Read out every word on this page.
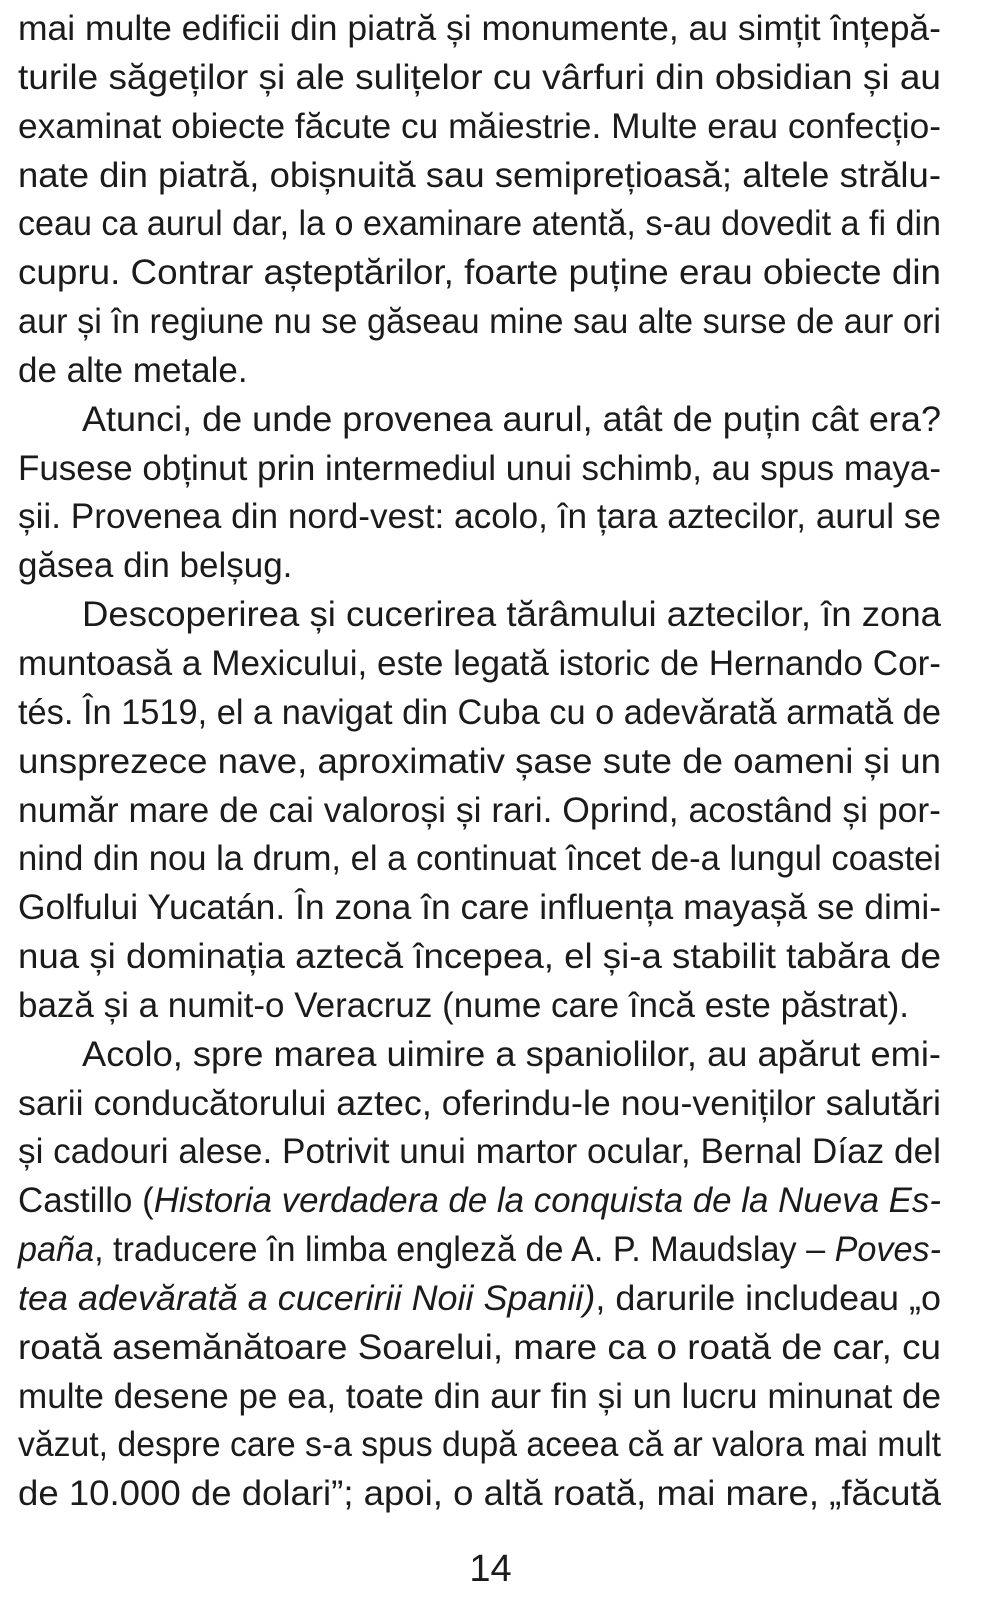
mai multe edificii din piatră și monumente, au simțit înțepă-
turile săgeților și ale sulițelor cu vârfuri din obsidian și au
examinat obiecte făcute cu măiestrie. Multe erau confecțio-
nate din piatră, obișnuită sau semiprețioasă; altele strălu-
ceau ca aurul dar, la o examinare atentă, s-au dovedit a fi din
cupru. Contrar așteptărilor, foarte puține erau obiecte din
aur și în regiune nu se găseau mine sau alte surse de aur ori
de alte metale.
Atunci, de unde provenea aurul, atât de puțin cât era?
Fusese obținut prin intermediul unui schimb, au spus maya-
șii. Provenea din nord-vest: acolo, în țara aztecilor, aurul se
găsea din belșug.
Descoperirea și cucerirea tărâmului aztecilor, în zona
muntoasă a Mexicului, este legată istoric de Hernando Cor-
tés. În 1519, el a navigat din Cuba cu o adevărată armată de
unsprezece nave, aproximativ șase sute de oameni și un
număr mare de cai valoroși și rari. Oprind, acostând și por-
nind din nou la drum, el a continuat încet de-a lungul coastei
Golfului Yucatán. În zona în care influența mayașă se dimi-
nua și dominația aztecă începea, el și-a stabilit tabăra de
bază și a numit-o Veracruz (nume care încă este păstrat).
Acolo, spre marea uimire a spaniolilor, au apărut emi-
sarii conducătorului aztec, oferindu-le nou-veniților salutări
și cadouri alese. Potrivit unui martor ocular, Bernal Díaz del
Castillo (Historia verdadera de la conquista de la Nueva Es-
paña, traducere în limba engleză de A. P. Maudslay – Poves-
tea adevărată a cuceririi Noii Spanii), darurile includeau „o
roată asemănătoare Soarelui, mare ca o roată de car, cu
multe desene pe ea, toate din aur fin și un lucru minunat de
văzut, despre care s-a spus după aceea că ar valora mai mult
de 10.000 de dolari”; apoi, o altă roată, mai mare, „făcută
14
